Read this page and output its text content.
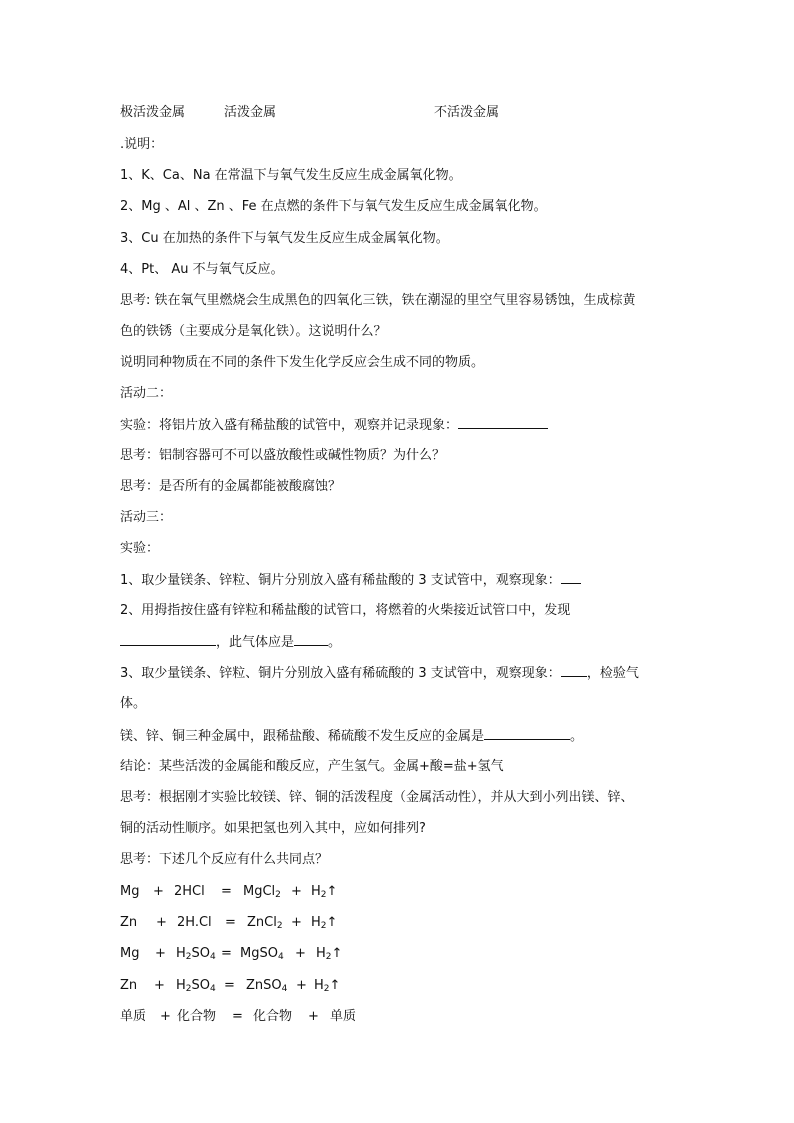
极活泼金属	活泼金属	不活泼金属
.说明：
1、K、Ca、Na 在常温下与氧气发生反应生成金属氧化物。
2、Mg 、Al 、Zn 、Fe 在点燃的条件下与氧气发生反应生成金属氧化物。
3、Cu 在加热的条件下与氧气发生反应生成金属氧化物。
4、Pt、 Au 不与氧气反应。
思考: 铁在氧气里燃烧会生成黑色的四氧化三铁，铁在潮湿的里空气里容易锈蚀，生成棕黄
色的铁锈（主要成分是氧化铁）。这说明什么？
说明同种物质在不同的条件下发生化学反应会生成不同的物质。
活动二：
实验：将铝片放入盛有稀盐酸的试管中，观察并记录现象：
思考：铝制容器可不可以盛放酸性或碱性物质？为什么？
思考：是否所有的金属都能被酸腐蚀？
活动三：
实验：
1、取少量镁条、锌粒、铜片分别放入盛有稀盐酸的 3 支试管中，观察现象：
2、用拇指按住盛有锌粒和稀盐酸的试管口，将燃着的火柴接近试管口中，发现
，此气体应是	。
3、取少量镁条、锌粒、铜片分别放入盛有稀硫酸的 3 支试管中，观察现象： ，检验气
体。
镁、锌、铜三种金属中，跟稀盐酸、稀硫酸不发生反应的金属是	。
结论：某些活泼的金属能和酸反应，产生氢气。金属+酸=盐+氢气
思考：根据刚才实验比较镁、锌、铜的活泼程度（金属活动性），并从大到小列出镁、锌、
铜的活动性顺序。如果把氢也列入其中，应如何排列?
思考：下述几个反应有什么共同点？
Mg + 2HCl = MgCl$_2$ + $H_2↑$
Zn + 2H.Cl = ZnCl$_2$ + $H_2↑$
$Mg + H_2SO_4$ = MgSO$_4$ + $H_2↑$
$Zn + H_2SO_4$ = ZnSO$_4$ + $H_2↑$
单质 + 化合物 = 化合物 + 单质
